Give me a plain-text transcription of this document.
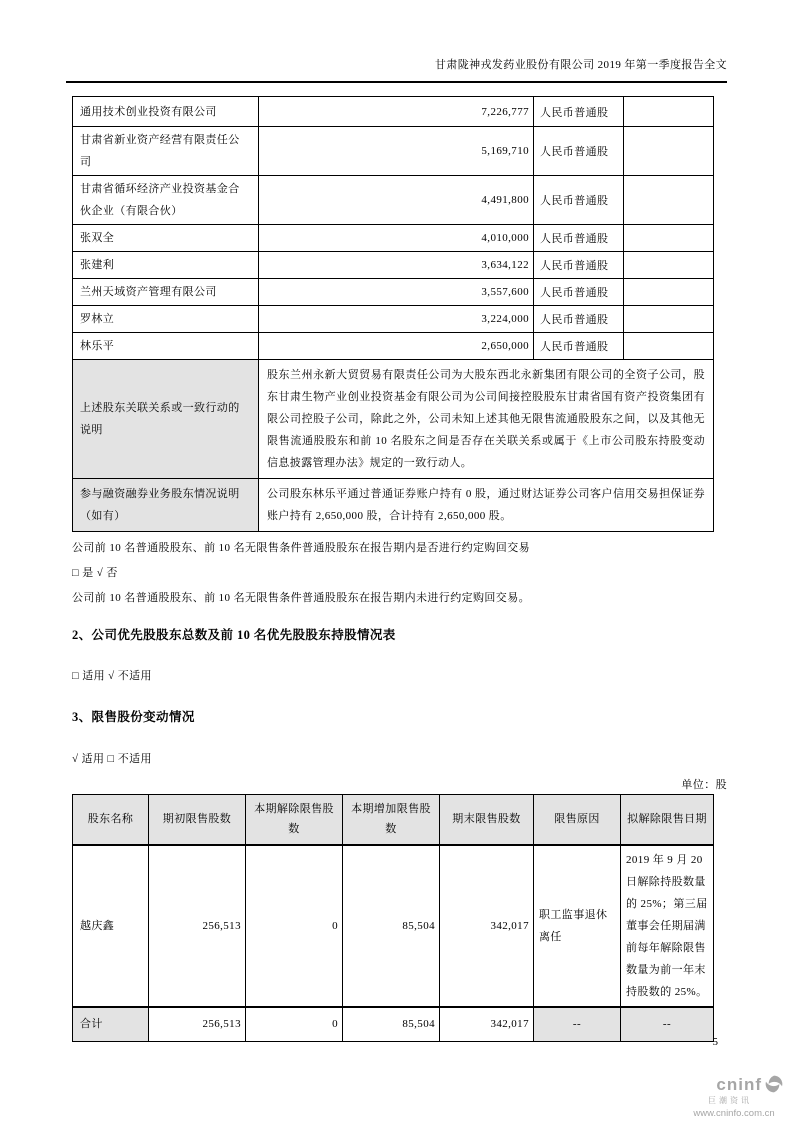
甘肃陇神戎发药业股份有限公司 2019 年第一季度报告全文
通用技术创业投资有限公司	7,226,777	人民币普通股	
甘肃省新业资产经营有限责任公司	5,169,710	人民币普通股	
甘肃省循环经济产业投资基金合伙企业（有限合伙）	4,491,800	人民币普通股	
张双全	4,010,000	人民币普通股	
张建利	3,634,122	人民币普通股	
兰州天域资产管理有限公司	3,557,600	人民币普通股	
罗林立	3,224,000	人民币普通股	
林乐平	2,650,000	人民币普通股	
上述股东关联关系或一致行动的说明	股东兰州永新大贸贸易有限责任公司为大股东西北永新集团有限公司的全资子公司，股东甘肃生物产业创业投资基金有限公司为公司间接控股股东甘肃省国有资产投资集团有限公司控股子公司，除此之外，公司未知上述其他无限售流通股股东之间，以及其他无限售流通股股东和前 10 名股东之间是否存在关联关系或属于《上市公司股东持股变动信息披露管理办法》规定的一致行动人。		
参与融资融券业务股东情况说明（如有）	公司股东林乐平通过普通证券账户持有 0 股，通过财达证券公司客户信用交易担保证券账户持有 2,650,000 股，合计持有 2,650,000 股。		

公司前 10 名普通股股东、前 10 名无限售条件普通股股东在报告期内是否进行约定购回交易

□ 是 √ 否

公司前 10 名普通股股东、前 10 名无限售条件普通股股东在报告期内未进行约定购回交易。

2、公司优先股股东总数及前 10 名优先股股东持股情况表

□ 适用 √ 不适用

3、限售股份变动情况

√ 适用 □ 不适用

单位：股
股东名称	期初限售股数	本期解除限售股数	本期增加限售股数	期末限售股数	限售原因	拟解除限售日期
越庆鑫	256,513	0	85,504	342,017	职工监事退休离任	2019 年 9 月 20 日解除持股数量的 25%；第三届董事会任期届满前每年解除限售数量为前一年末持股数的 25%。
合计	256,513	0	85,504	342,017	--	--
5
cninf
巨潮资讯
www.cninfo.com.cn
